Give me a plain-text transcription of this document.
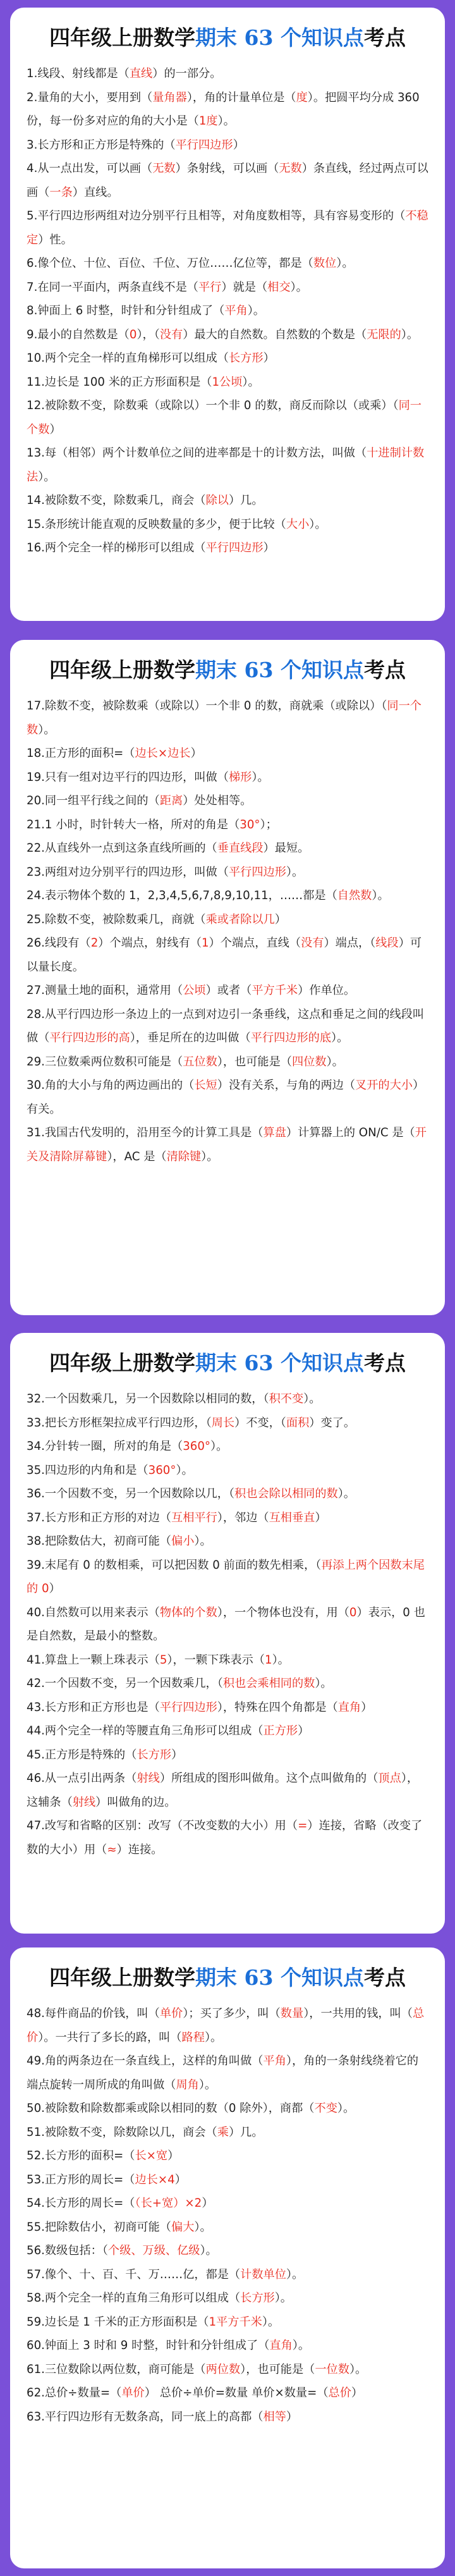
四年级上册数学期末 63 个知识点考点

1.线段、射线都是（直线）的一部分。

2.量角的大小，要用到（量角器），角的计量单位是（度）。把圆平均分成 360 份，每一份多对应的角的大小是（1度）。

3.长方形和正方形是特殊的（平行四边形）

4.从一点出发，可以画（无数）条射线，可以画（无数）条直线，经过两点可以画（一条）直线。

5.平行四边形两组对边分别平行且相等，对角度数相等，具有容易变形的（不稳定）性。

6.像个位、十位、百位、千位、万位……亿位等，都是（数位）。

7.在同一平面内，两条直线不是（平行）就是（相交）。

8.钟面上 6 时整，时针和分针组成了（平角）。

9.最小的自然数是（0），（没有）最大的自然数。自然数的个数是（无限的）。

10.两个完全一样的直角梯形可以组成（长方形）

11.边长是 100 米的正方形面积是（1公顷）。

12.被除数不变，除数乘（或除以）一个非 0 的数，商反而除以（或乘）（同一个数）

13.每（相邻）两个计数单位之间的进率都是十的计数方法，叫做（十进制计数法）。

14.被除数不变，除数乘几，商会（除以）几。

15.条形统计能直观的反映数量的多少，便于比较（大小）。

16.两个完全一样的梯形可以组成（平行四边形）

四年级上册数学期末 63 个知识点考点

17.除数不变，被除数乘（或除以）一个非 0 的数，商就乘（或除以）（同一个数）。

18.正方形的面积=（边长×边长）

19.只有一组对边平行的四边形，叫做（梯形）。

20.同一组平行线之间的（距离）处处相等。

21.1 小时，时针转大一格，所对的角是（30°）；

22.从直线外一点到这条直线所画的（垂直线段）最短。

23.两组对边分别平行的四边形，叫做（平行四边形）。

24.表示物体个数的 1，2,3,4,5,6,7,8,9,10,11，……都是（自然数）。

25.除数不变，被除数乘几，商就（乘或者除以几）

26.线段有（2）个端点，射线有（1）个端点，直线（没有）端点，（线段）可以量长度。

27.测量土地的面积，通常用（公顷）或者（平方千米）作单位。

28.从平行四边形一条边上的一点到对边引一条垂线，这点和垂足之间的线段叫做（平行四边形的高），垂足所在的边叫做（平行四边形的底）。

29.三位数乘两位数积可能是（五位数），也可能是（四位数）。

30.角的大小与角的两边画出的（长短）没有关系，与角的两边（叉开的大小）有关。

31.我国古代发明的，沿用至今的计算工具是（算盘）计算器上的 ON/C 是（开关及清除屏幕键），AC 是（清除键）。

四年级上册数学期末 63 个知识点考点

32.一个因数乘几，另一个因数除以相同的数，（积不变）。

33.把长方形框架拉成平行四边形，（周长）不变，（面积）变了。

34.分针转一圈，所对的角是（360°）。

35.四边形的内角和是（360°）。

36.一个因数不变，另一个因数除以几，（积也会除以相同的数）。

37.长方形和正方形的对边（互相平行），邻边（互相垂直）

38.把除数估大，初商可能（偏小）。

39.末尾有 0 的数相乘，可以把因数 0 前面的数先相乘，（再添上两个因数末尾的 0）

40.自然数可以用来表示（物体的个数），一个物体也没有，用（0）表示，0 也是自然数，是最小的整数。

41.算盘上一颗上珠表示（5），一颗下珠表示（1）。

42.一个因数不变，另一个因数乘几，（积也会乘相同的数）。

43.长方形和正方形也是（平行四边形），特殊在四个角都是（直角）

44.两个完全一样的等腰直角三角形可以组成（正方形）

45.正方形是特殊的（长方形）

46.从一点引出两条（射线）所组成的图形叫做角。这个点叫做角的（顶点），这辅条（射线）叫做角的边。

47.改写和省略的区别：改写（不改变数的大小）用（=）连接，省略（改变了数的大小）用（≈）连接。

四年级上册数学期末 63 个知识点考点

48.每件商品的价钱，叫（单价）；买了多少，叫（数量），一共用的钱，叫（总价）。一共行了多长的路，叫（路程）。

49.角的两条边在一条直线上，这样的角叫做（平角），角的一条射线绕着它的端点旋转一周所成的角叫做（周角）。

50.被除数和除数都乘或除以相同的数（0 除外），商都（不变）。

51.被除数不变，除数除以几，商会（乘）几。

52.长方形的面积=（长×宽）

53.正方形的周长=（边长×4）

54.长方形的周长=（（长+宽）×2）

55.把除数估小，初商可能（偏大）。

56.数级包括：（个级、万级、亿级）。

57.像个、十、百、千、万……亿，都是（计数单位）。

58.两个完全一样的直角三角形可以组成（长方形）。

59.边长是 1 千米的正方形面积是（1平方千米）。

60.钟面上 3 时和 9 时整，时针和分针组成了（直角）。

61.三位数除以两位数，商可能是（两位数），也可能是（一位数）。

62.总价÷数量=（单价） 总价÷单价=数量 单价×数量=（总价）

63.平行四边形有无数条高，同一底上的高都（相等）
